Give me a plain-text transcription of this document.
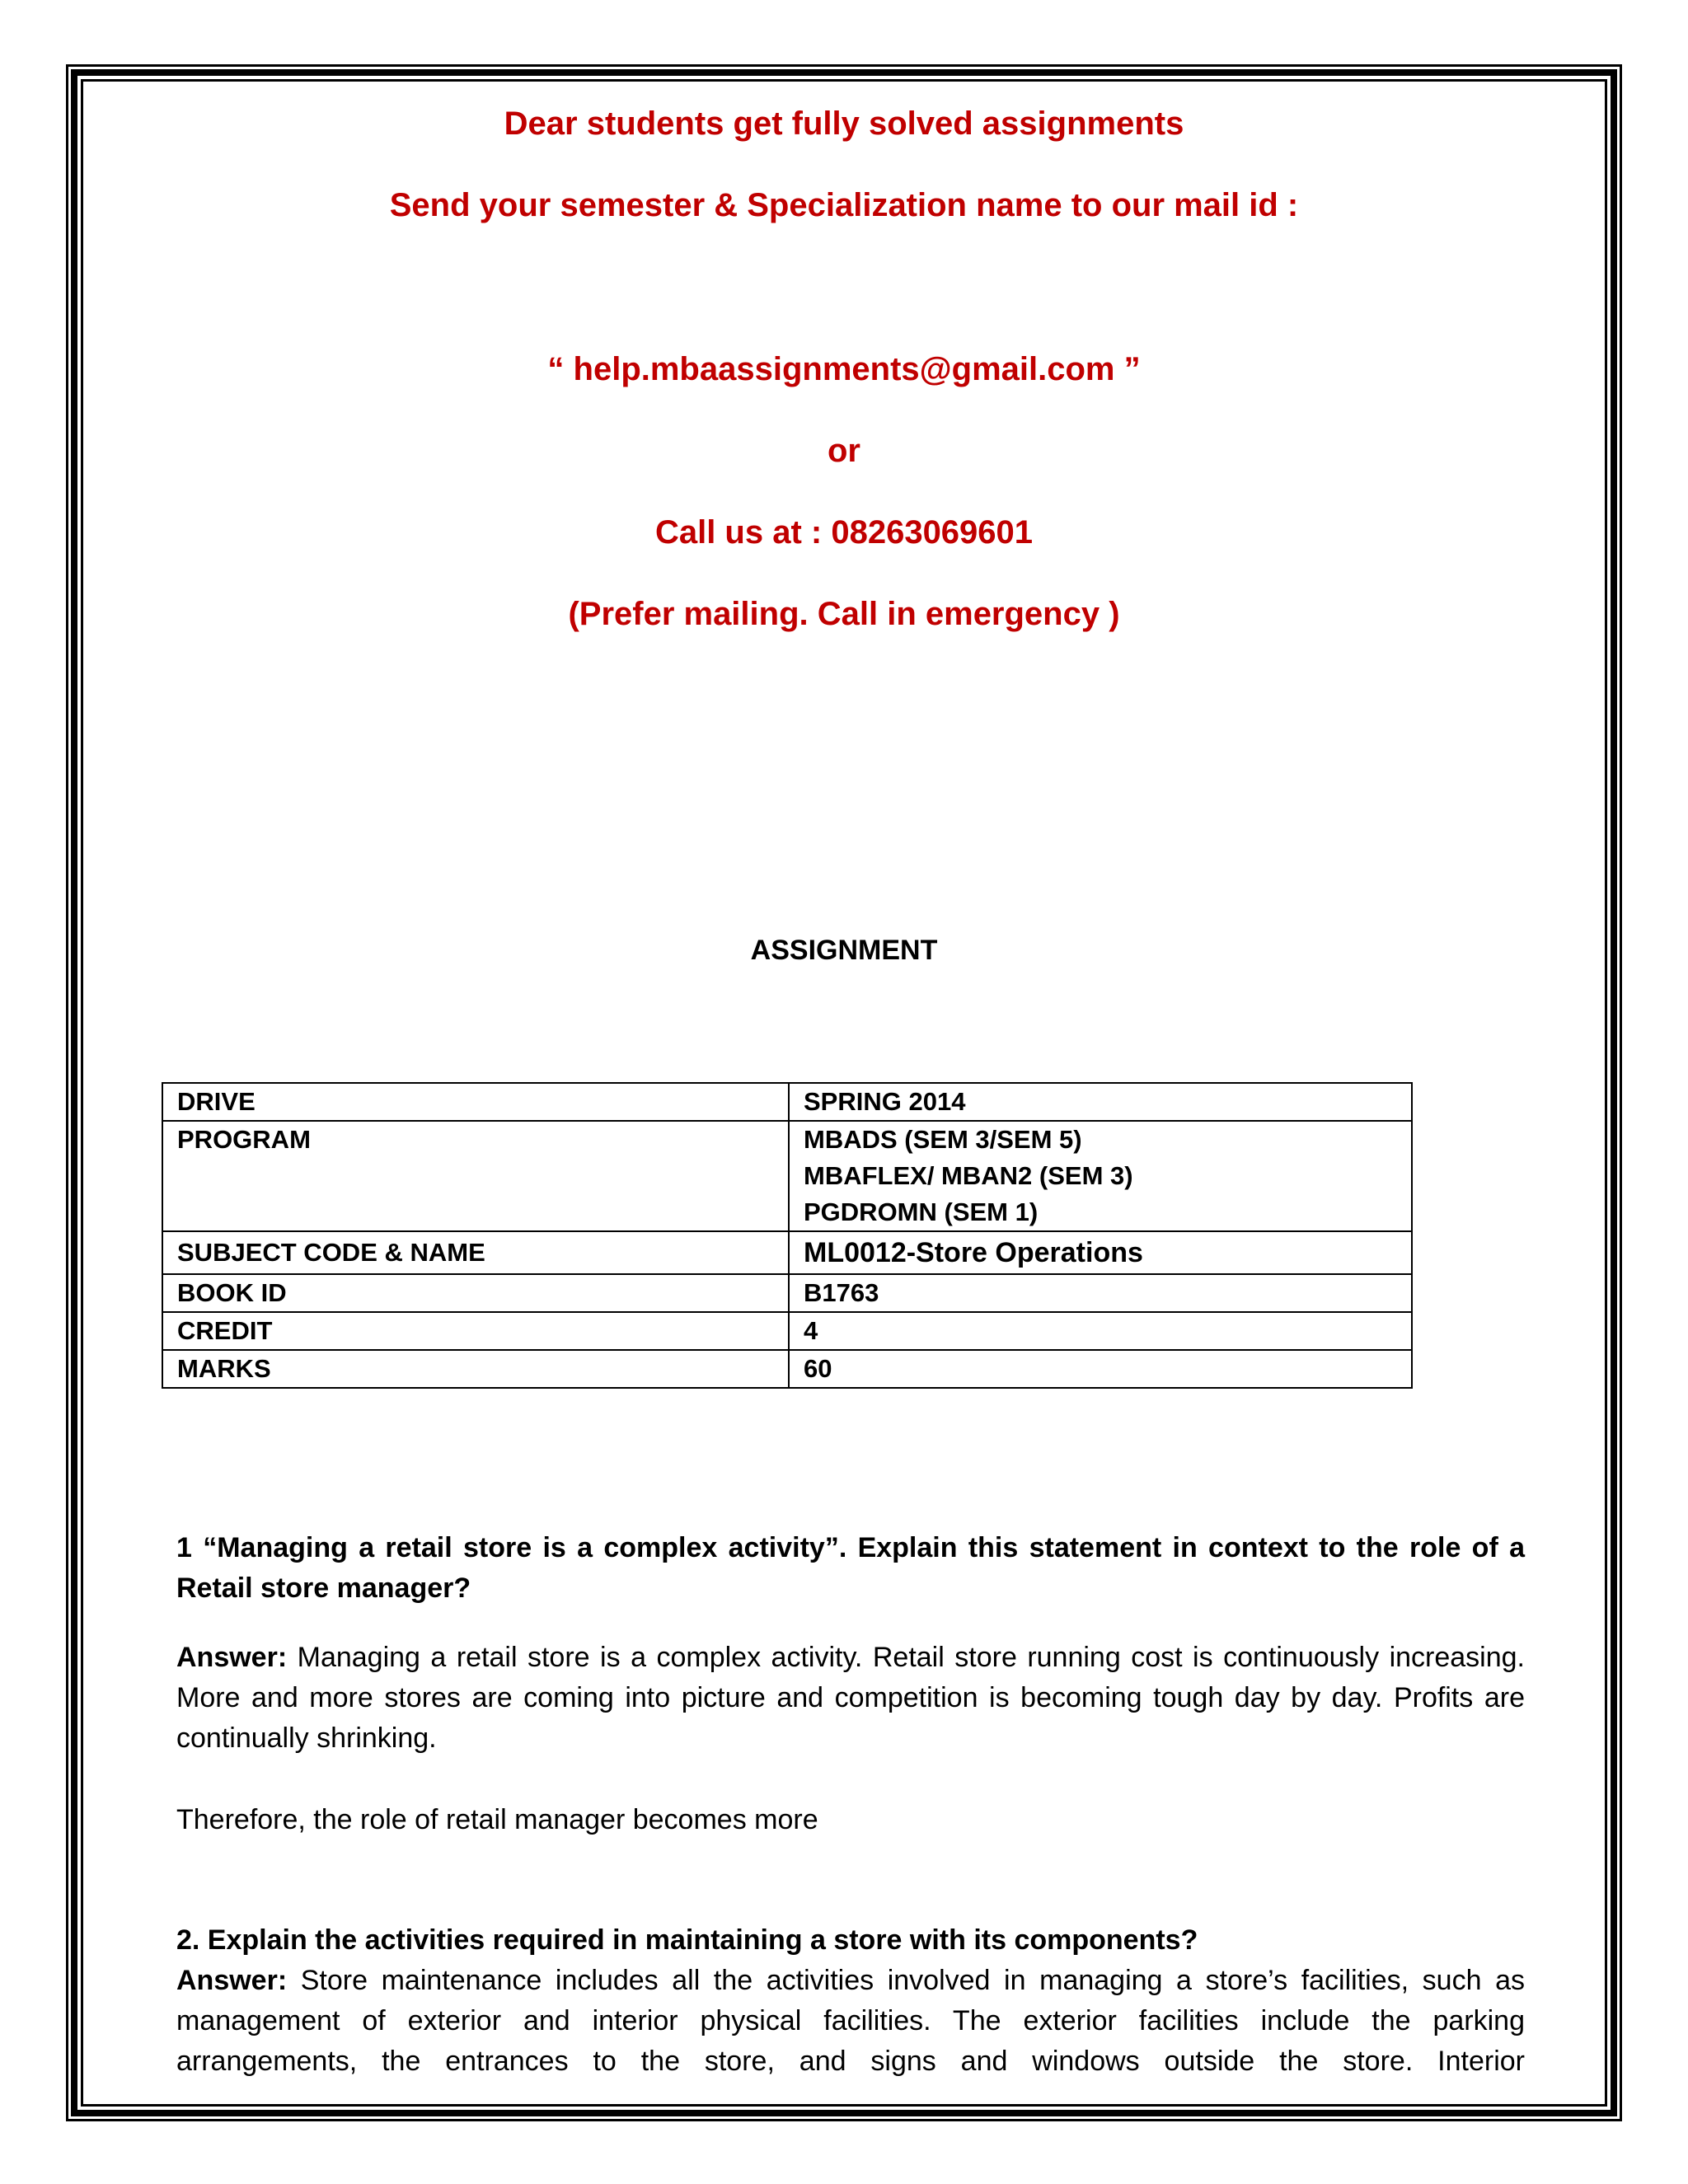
Dear students get fully solved assignments

Send your semester & Specialization name to our mail id :

“ help.mbaassignments@gmail.com ”

or

Call us at : 08263069601

(Prefer mailing. Call in emergency )

ASSIGNMENT

DRIVE	SPRING 2014
PROGRAM	MBADS (SEM 3/SEM 5)
MBAFLEX/ MBAN2 (SEM 3)
PGDROMN (SEM 1)

SUBJECT CODE & NAME	ML0012-Store Operations
BOOK ID	B1763
CREDIT	4
MARKS	60

1 “Managing a retail store is a complex activity”. Explain this statement in context to the role of a Retail store manager?

Answer: Managing a retail store is a complex activity. Retail store running cost is continuously increasing. More and more stores are coming into picture and competition is becoming tough day by day. Profits are continually shrinking.

Therefore, the role of retail manager becomes more

2. Explain the activities required in maintaining a store with its components?

Answer: Store maintenance includes all the activities involved in managing a store’s facilities, such as management of exterior and interior physical facilities. The exterior facilities include the parking arrangements, the entrances to the store, and signs and windows outside the store. Interior
